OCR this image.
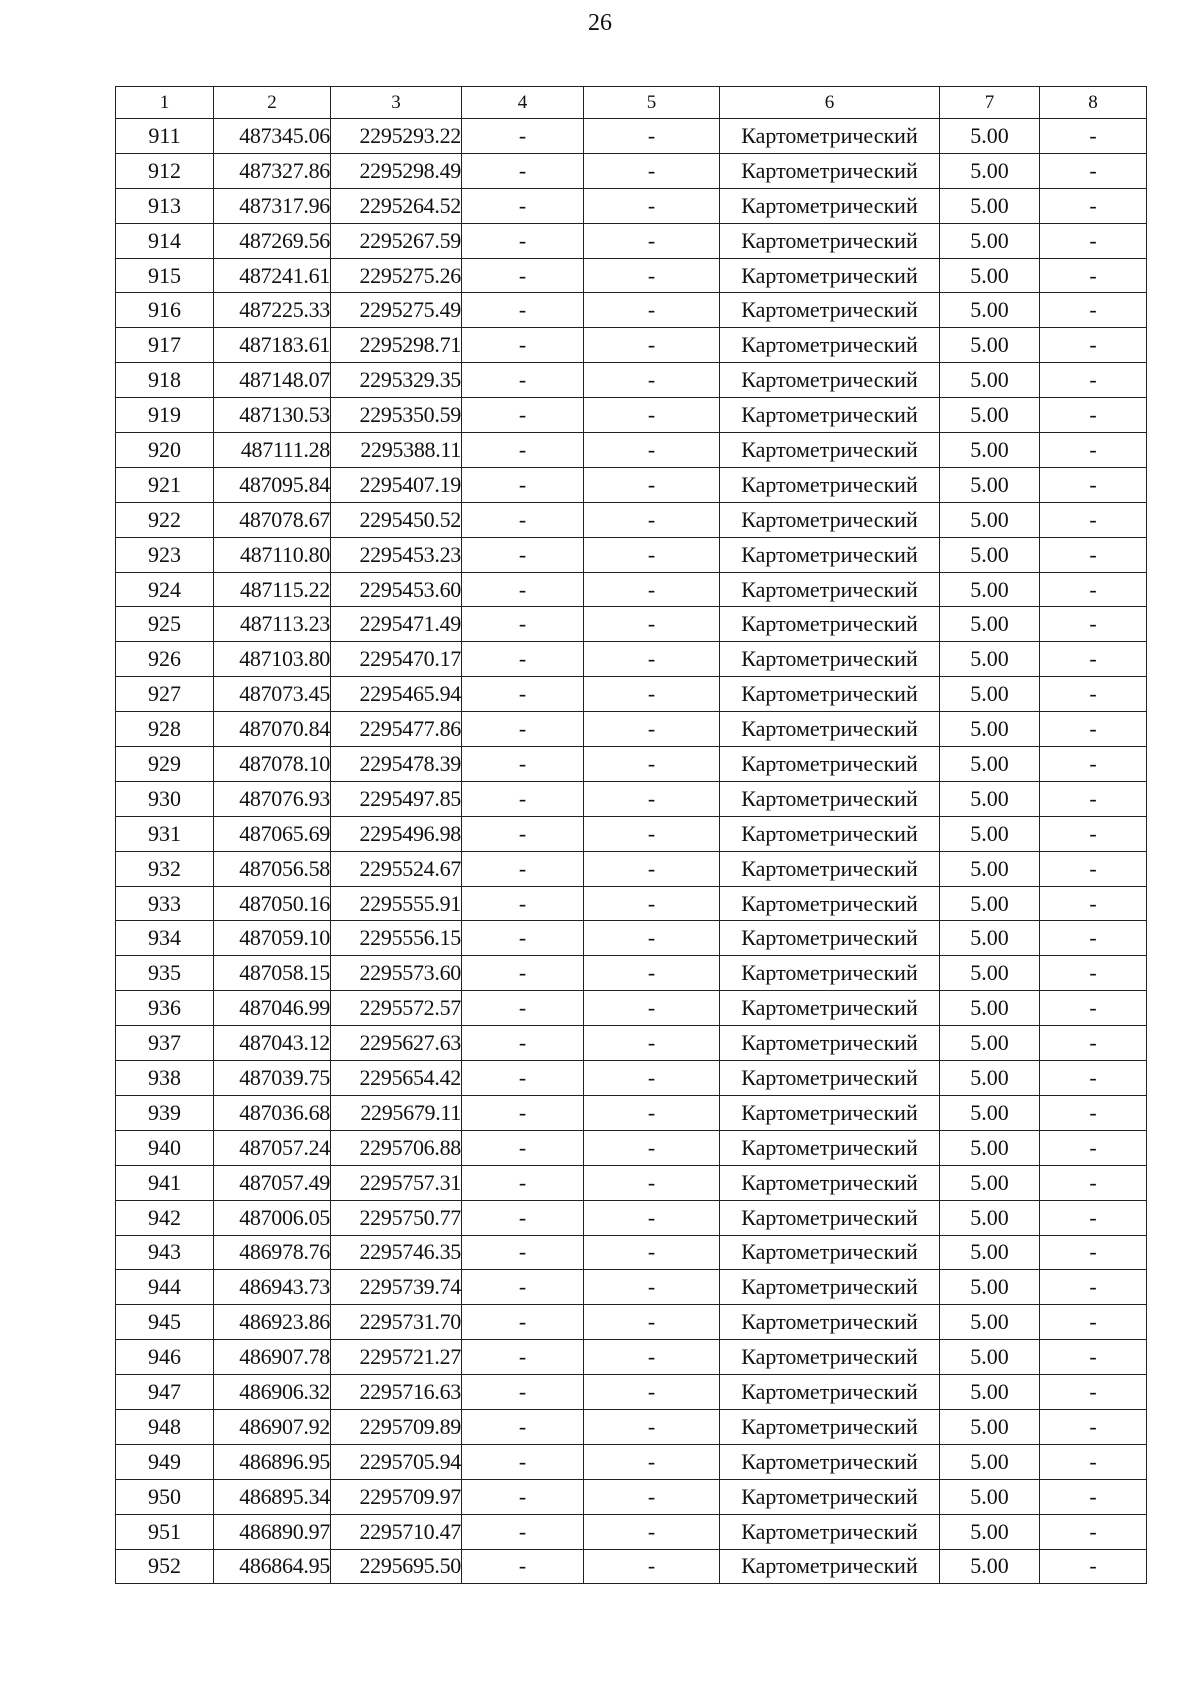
26
1	2	3	4	5	6	7	8
911	487345.06	2295293.22	-	-	Картометрический	5.00	-
912	487327.86	2295298.49	-	-	Картометрический	5.00	-
913	487317.96	2295264.52	-	-	Картометрический	5.00	-
914	487269.56	2295267.59	-	-	Картометрический	5.00	-
915	487241.61	2295275.26	-	-	Картометрический	5.00	-
916	487225.33	2295275.49	-	-	Картометрический	5.00	-
917	487183.61	2295298.71	-	-	Картометрический	5.00	-
918	487148.07	2295329.35	-	-	Картометрический	5.00	-
919	487130.53	2295350.59	-	-	Картометрический	5.00	-
920	487111.28	2295388.11	-	-	Картометрический	5.00	-
921	487095.84	2295407.19	-	-	Картометрический	5.00	-
922	487078.67	2295450.52	-	-	Картометрический	5.00	-
923	487110.80	2295453.23	-	-	Картометрический	5.00	-
924	487115.22	2295453.60	-	-	Картометрический	5.00	-
925	487113.23	2295471.49	-	-	Картометрический	5.00	-
926	487103.80	2295470.17	-	-	Картометрический	5.00	-
927	487073.45	2295465.94	-	-	Картометрический	5.00	-
928	487070.84	2295477.86	-	-	Картометрический	5.00	-
929	487078.10	2295478.39	-	-	Картометрический	5.00	-
930	487076.93	2295497.85	-	-	Картометрический	5.00	-
931	487065.69	2295496.98	-	-	Картометрический	5.00	-
932	487056.58	2295524.67	-	-	Картометрический	5.00	-
933	487050.16	2295555.91	-	-	Картометрический	5.00	-
934	487059.10	2295556.15	-	-	Картометрический	5.00	-
935	487058.15	2295573.60	-	-	Картометрический	5.00	-
936	487046.99	2295572.57	-	-	Картометрический	5.00	-
937	487043.12	2295627.63	-	-	Картометрический	5.00	-
938	487039.75	2295654.42	-	-	Картометрический	5.00	-
939	487036.68	2295679.11	-	-	Картометрический	5.00	-
940	487057.24	2295706.88	-	-	Картометрический	5.00	-
941	487057.49	2295757.31	-	-	Картометрический	5.00	-
942	487006.05	2295750.77	-	-	Картометрический	5.00	-
943	486978.76	2295746.35	-	-	Картометрический	5.00	-
944	486943.73	2295739.74	-	-	Картометрический	5.00	-
945	486923.86	2295731.70	-	-	Картометрический	5.00	-
946	486907.78	2295721.27	-	-	Картометрический	5.00	-
947	486906.32	2295716.63	-	-	Картометрический	5.00	-
948	486907.92	2295709.89	-	-	Картометрический	5.00	-
949	486896.95	2295705.94	-	-	Картометрический	5.00	-
950	486895.34	2295709.97	-	-	Картометрический	5.00	-
951	486890.97	2295710.47	-	-	Картометрический	5.00	-
952	486864.95	2295695.50	-	-	Картометрический	5.00	-
